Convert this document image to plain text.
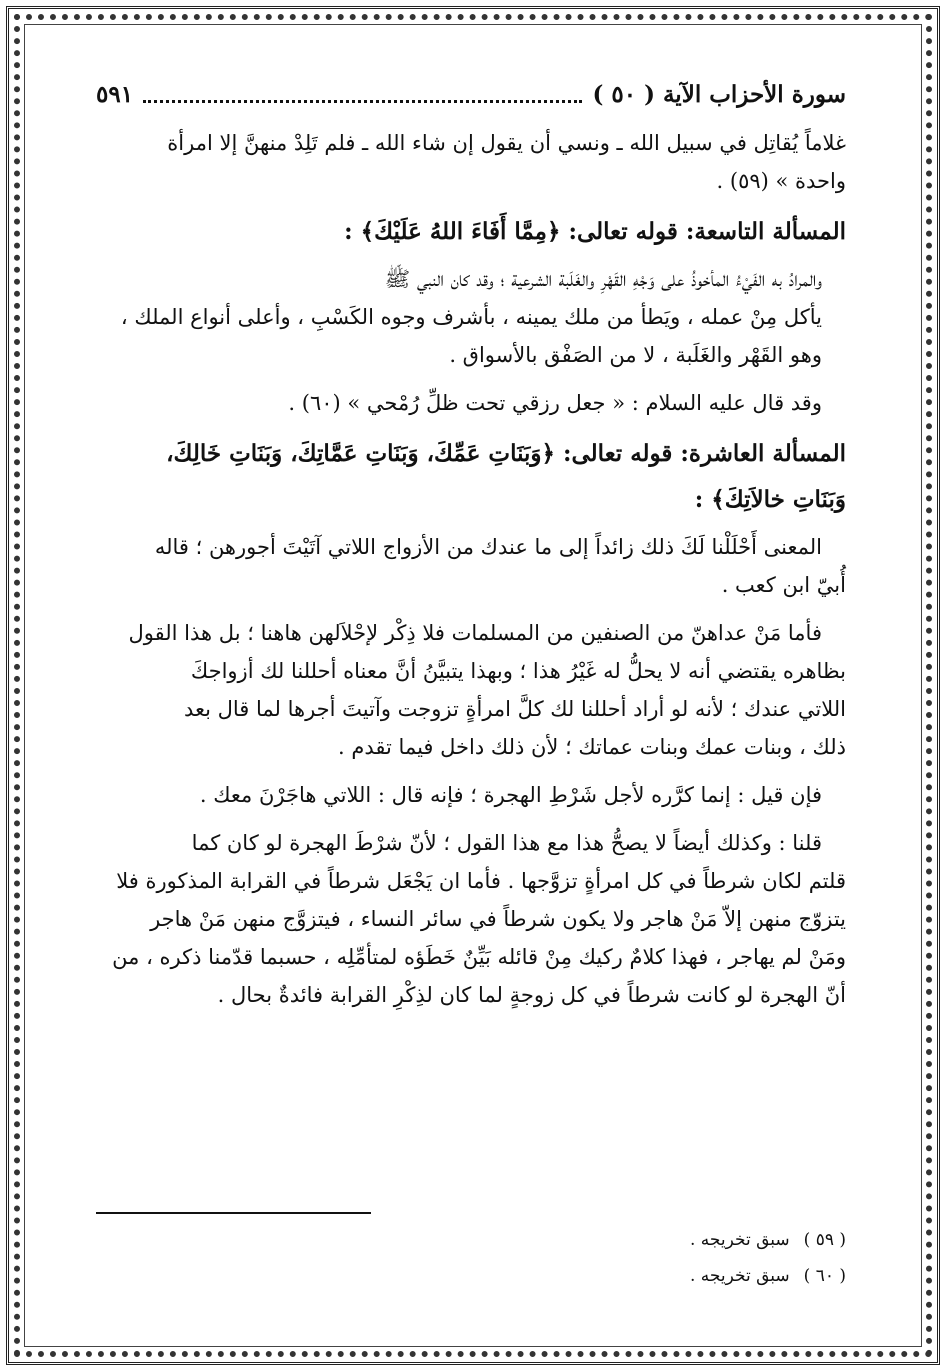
سورة الأحزاب الآية ( ٥٠ )
٥٩١

غلاماً يُقاتِل في سبيل الله ـ ونسي أن يقول إن شاء الله ـ فلم تَلِدْ منهنَّ إلا امرأة

واحدة » (٥٩) .

المسألة التاسعة: قوله تعالى: ﴿مِمَّا أَفَاءَ اللهُ عَلَيْكَ﴾ :

والمرادُ به الفَيْءُ المأخوذُ على وَجْهِ القَهْرِ والغَلَبة الشرعية ؛ وقد كان النبي ﷺ

يأكل مِنْ عمله ، ويَطأ من ملك يمينه ، بأشرف وجوه الكَسْبِ ، وأعلى أنواع الملك ،

وهو القَهْر والغَلَبة ، لا من الصَفْق بالأسواق .

وقد قال عليه السلام : « جعل رزقي تحت ظلِّ رُمْحي » (٦٠) .

المسألة العاشرة: قوله تعالى: ﴿وَبَنَاتِ عَمِّكَ، وَبَنَاتِ عَمَّاتِكَ، وَبَنَاتِ خَالِكَ،

وَبَنَاتِ خالاَتِكَ﴾ :

المعنى أَحْلَلْنا لَكَ ذلك زائداً إلى ما عندك من الأزواج اللاتي آتَيْتَ أجورهن ؛ قاله

أُبيّ ابن كعب .

فأما مَنْ عداهنّ من الصنفين من المسلمات فلا ذِكْر لإحْلاَلهن هاهنا ؛ بل هذا القول

بظاهره يقتضي أنه لا يحلُّ له غَيْرُ هذا ؛ وبهذا يتبيَّنُ أنَّ معناه أحللنا لك أزواجكَ

اللاتي عندك ؛ لأنه لو أراد أحللنا لك كلَّ امرأةٍ تزوجت وآتيتَ أجرها لما قال بعد

ذلك ، وبنات عمك وبنات عماتك ؛ لأن ذلك داخل فيما تقدم .

فإن قيل : إنما كرَّره لأجل شَرْطِ الهجرة ؛ فإنه قال : اللاتي هاجَرْنَ معك .

قلنا : وكذلك أيضاً لا يصحُّ هذا مع هذا القول ؛ لأنّ شرْطَ الهجرة لو كان كما

قلتم لكان شرطاً في كل امرأةٍ تزوَّجها . فأما ان يَجْعَل شرطاً في القرابة المذكورة فلا

يتزوّج منهن إلاّ مَنْ هاجر ولا يكون شرطاً في سائر النساء ، فيتزوَّج منهن مَنْ هاجر

ومَنْ لم يهاجر ، فهذا كلامٌ ركيك مِنْ قائله بَيِّنٌ خَطَؤه لمتأمِّلِه ، حسبما قدّمنا ذكره ، من

أنّ الهجرة لو كانت شرطاً في كل زوجةٍ لما كان لذِكْرِ القرابة فائدةٌ بحال .

( ٥٩ )
سبق تخريجه .
( ٦٠ )
سبق تخريجه .
